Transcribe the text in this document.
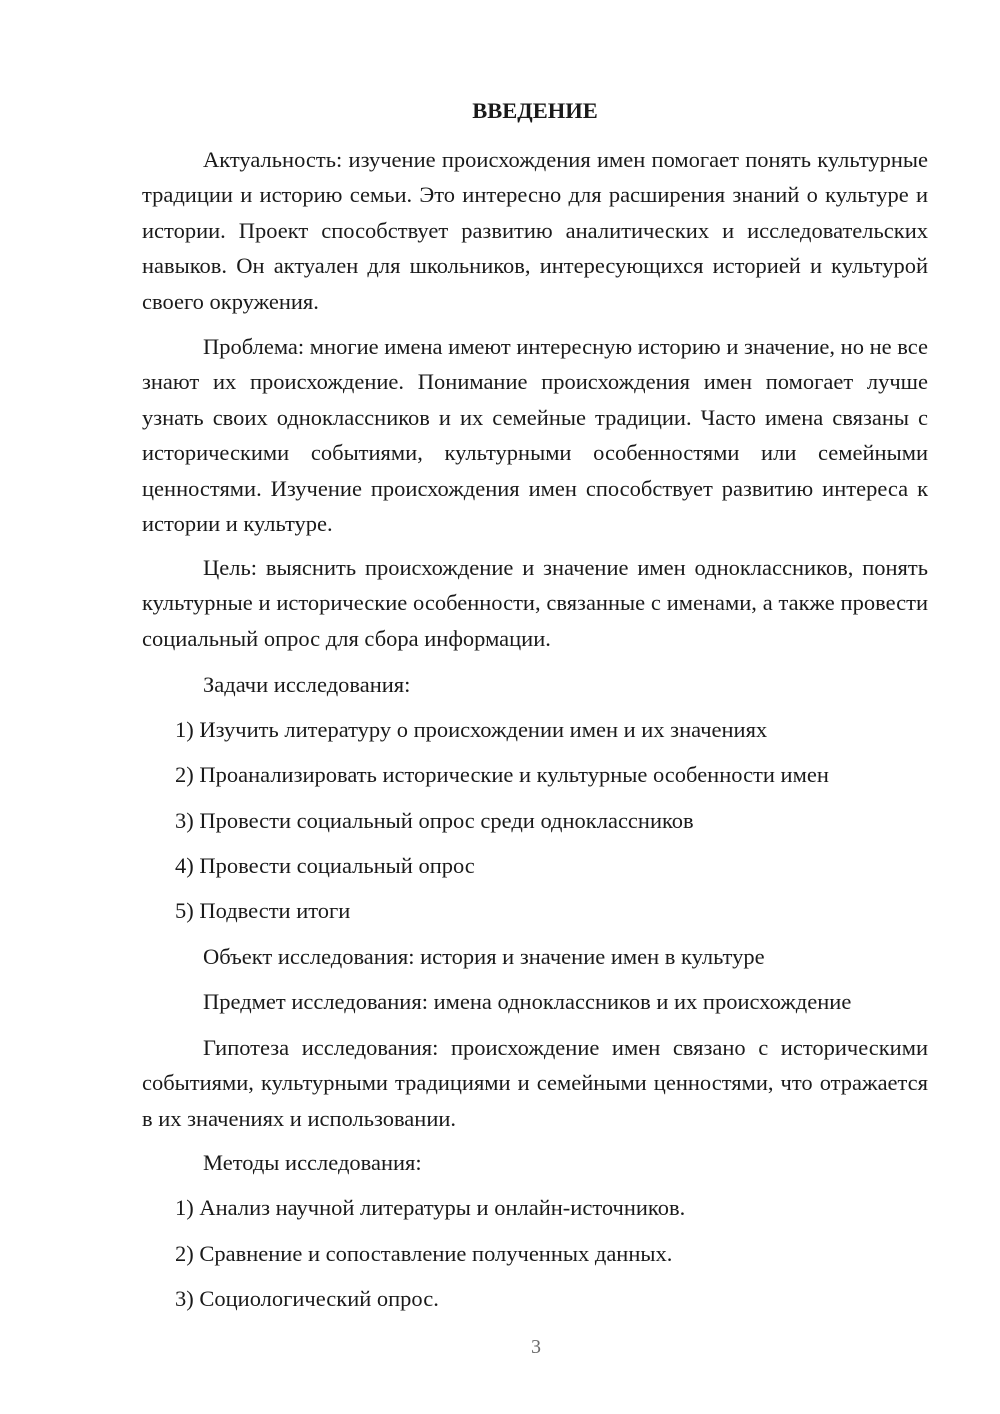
ВВЕДЕНИЕ

Актуальность: изучение происхождения имен помогает понять культурные традиции и историю семьи. Это интересно для расширения знаний о культуре и истории. Проект способствует развитию аналитических и исследовательских навыков. Он актуален для школьников, интересующихся историей и культурой своего окружения.

Проблема: многие имена имеют интересную историю и значение, но не все знают их происхождение. Понимание происхождения имен помогает лучше узнать своих одноклассников и их семейные традиции. Часто имена связаны с историческими событиями, культурными особенностями или семейными ценностями. Изучение происхождения имен способствует развитию интереса к истории и культуре.

Цель: выяснить происхождение и значение имен одноклассников, понять культурные и исторические особенности, связанные с именами, а также провести социальный опрос для сбора информации.

Задачи исследования:

1) Изучить литературу о происхождении имен и их значениях

2) Проанализировать исторические и культурные особенности имен

3) Провести социальный опрос среди одноклассников

4) Провести социальный опрос

5) Подвести итоги

Объект исследования: история и значение имен в культуре

Предмет исследования: имена одноклассников и их происхождение

Гипотеза исследования: происхождение имен связано с историческими событиями, культурными традициями и семейными ценностями, что отражается в их значениях и использовании.

Методы исследования:

1) Анализ научной литературы и онлайн-источников.

2) Сравнение и сопоставление полученных данных.

3) Социологический опрос.

3
